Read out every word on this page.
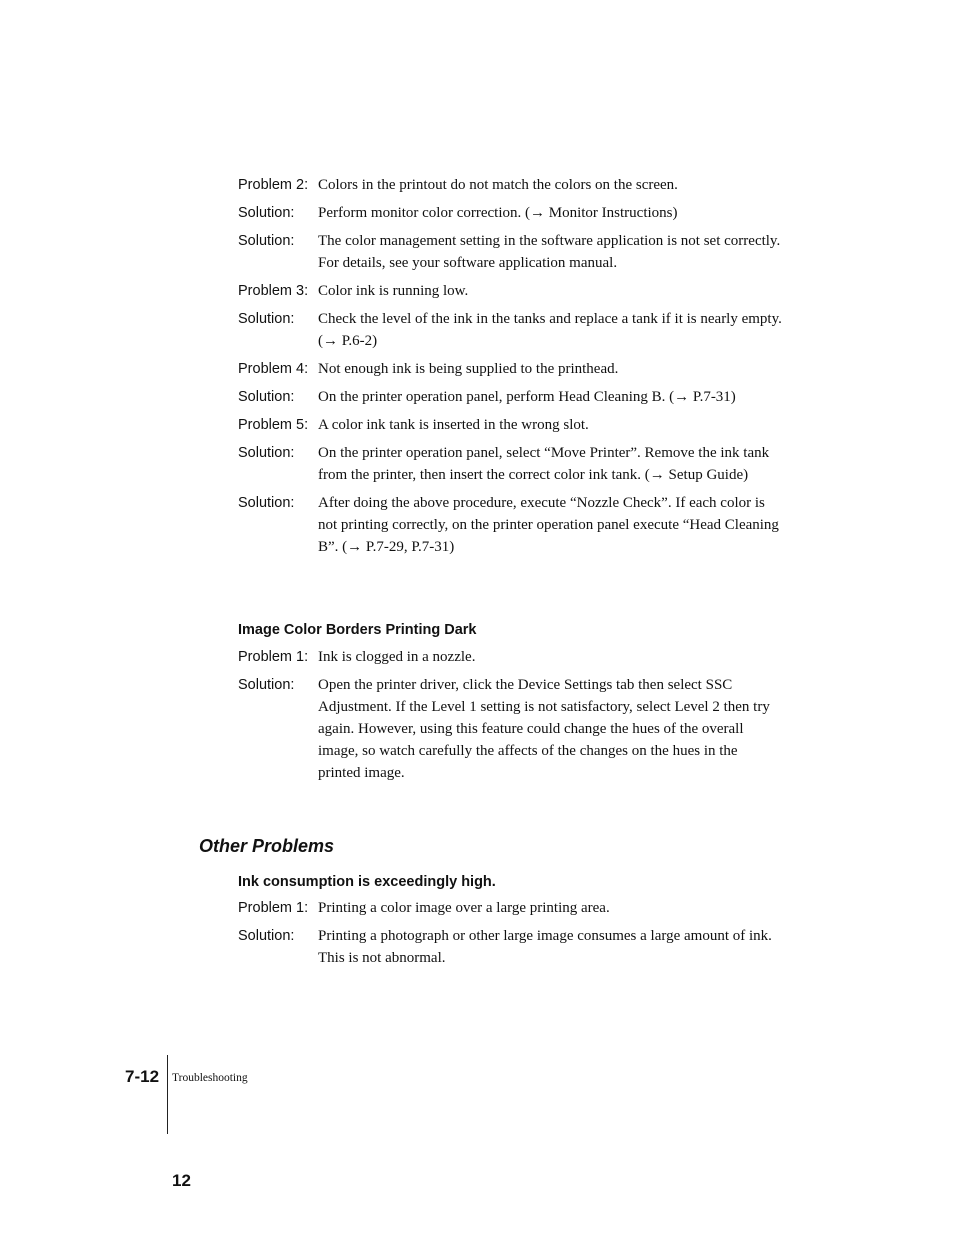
Problem 2: Colors in the printout do not match the colors on the screen.
Solution:	Perform monitor color correction. (→ Monitor Instructions)
Solution:	The color management setting in the software application is not set correctly. For details, see your software application manual.
Problem 3: Color ink is running low.
Solution:	Check the level of the ink in the tanks and replace a tank if it is nearly empty. (→ P.6-2)
Problem 4: Not enough ink is being supplied to the printhead.
Solution:	On the printer operation panel, perform Head Cleaning B. (→ P.7-31)
Problem 5: A color ink tank is inserted in the wrong slot.
Solution:	On the printer operation panel, select “Move Printer”. Remove the ink tank from the printer, then insert the correct color ink tank. (→ Setup Guide)
Solution:	After doing the above procedure, execute “Nozzle Check”. If each color is not printing correctly, on the printer operation panel execute “Head Cleaning B”. (→ P.7-29, P.7-31)
Image Color Borders Printing Dark
Problem 1: Ink is clogged in a nozzle.
Solution:	Open the printer driver, click the Device Settings tab then select SSC Adjustment. If the Level 1 setting is not satisfactory, select Level 2 then try again. However, using this feature could change the hues of the overall image, so watch carefully the affects of the changes on the hues in the printed image.
Other Problems
Ink consumption is exceedingly high.
Problem 1: Printing a color image over a large printing area.
Solution:	Printing a photograph or other large image consumes a large amount of ink. This is not abnormal.
7-12 Troubleshooting
12
